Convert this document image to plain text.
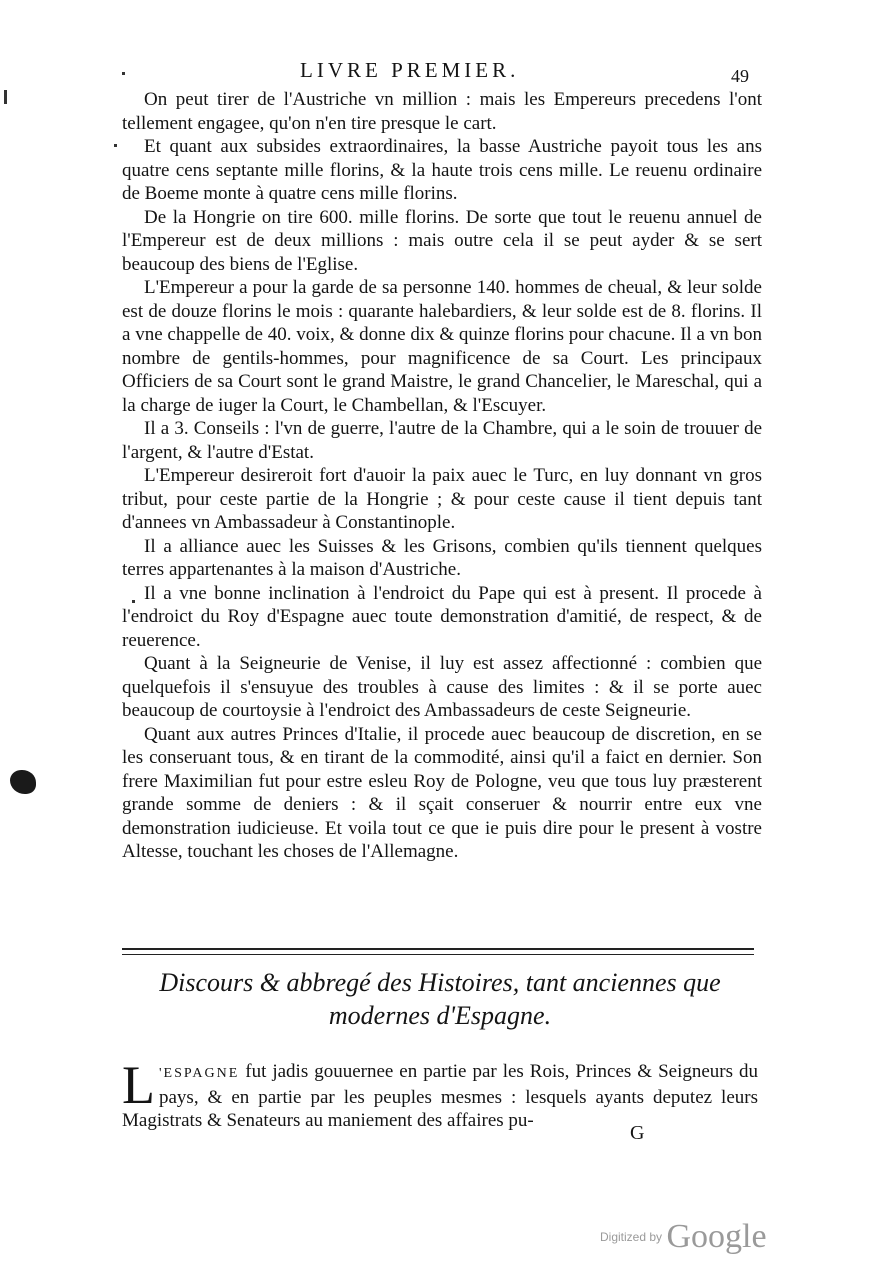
LIVRE PREMIER.	49

On peut tirer de l'Austriche vn million : mais les Empereurs precedens l'ont tellement engagee, qu'on n'en tire presque le cart.

Et quant aux subsides extraordinaires, la basse Austriche payoit tous les ans quatre cens septante mille florins, & la haute trois cens mille. Le reuenu ordinaire de Boeme monte à quatre cens mille florins.

De la Hongrie on tire 600. mille florins. De sorte que tout le reuenu annuel de l'Empereur est de deux millions : mais outre cela il se peut ayder & se sert beaucoup des biens de l'Eglise.

L'Empereur a pour la garde de sa personne 140. hommes de cheual, & leur solde est de douze florins le mois : quarante halebardiers, & leur solde est de 8. florins. Il a vne chappelle de 40. voix, & donne dix & quinze florins pour chacune. Il a vn bon nombre de gentils-hommes, pour magnificence de sa Court. Les principaux Officiers de sa Court sont le grand Maistre, le grand Chancelier, le Mareschal, qui a la charge de iuger la Court, le Chambellan, & l'Escuyer.

Il a 3. Conseils : l'vn de guerre, l'autre de la Chambre, qui a le soin de trouuer de l'argent, & l'autre d'Estat.

L'Empereur desireroit fort d'auoir la paix auec le Turc, en luy donnant vn gros tribut, pour ceste partie de la Hongrie ; & pour ceste cause il tient depuis tant d'annees vn Ambassadeur à Constantinople.

Il a alliance auec les Suisses & les Grisons, combien qu'ils tiennent quelques terres appartenantes à la maison d'Austriche.

Il a vne bonne inclination à l'endroict du Pape qui est à present. Il procede à l'endroict du Roy d'Espagne auec toute demonstration d'amitié, de respect, & de reuerence.

Quant à la Seigneurie de Venise, il luy est assez affectionné : combien que quelquefois il s'ensuyue des troubles à cause des limites : & il se porte auec beaucoup de courtoysie à l'endroict des Ambassadeurs de ceste Seigneurie.

Quant aux autres Princes d'Italie, il procede auec beaucoup de discretion, en se les conseruant tous, & en tirant de la commodité, ainsi qu'il a faict en dernier. Son frere Maximilian fut pour estre esleu Roy de Pologne, veu que tous luy præsterent grande somme de deniers : & il sçait conseruer & nourrir entre eux vne demonstration iudicieuse. Et voila tout ce que ie puis dire pour le present à vostre Altesse, touchant les choses de l'Allemagne.

Discours & abbregé des Histoires, tant anciennes que
modernes d'Espagne.
L 'ESPAGNE fut jadis gouuernee en partie par les Rois, Princes & Seigneurs du pays, & en partie par les peuples mesmes : lesquels ayants deputez leurs Magistrats & Senateurs au maniement des affaires pu-
G
Digitized by Google
